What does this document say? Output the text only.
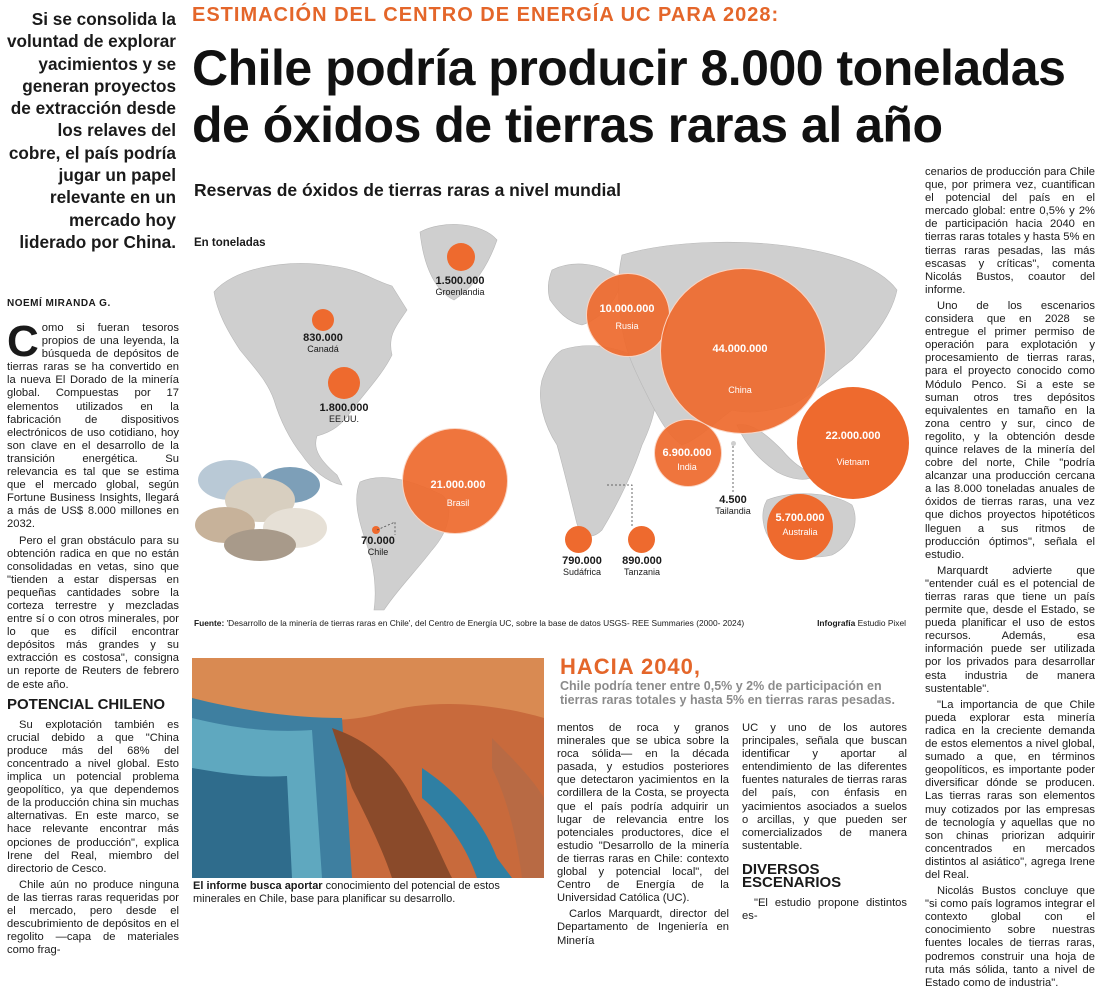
Si se consolida la voluntad de explorar yacimientos y se generan proyectos de extracción desde los relaves del cobre, el país podría jugar un papel relevante en un mercado hoy liderado por China.
ESTIMACIÓN DEL CENTRO DE ENERGÍA UC PARA 2028:
Chile podría producir 8.000 toneladas
de óxidos de tierras raras al año
NOEMÍ MIRANDA G.

Como si fueran tesoros propios de una leyenda, la búsqueda de depósitos de tierras raras se ha convertido en la nueva El Dorado de la minería global. Compuestas por 17 elementos utilizados en la fabricación de dispositivos electrónicos de uso cotidiano, hoy son clave en el desarrollo de la transición energética. Su relevancia es tal que se estima que el mercado global, según Fortune Business Insights, llegará a más de US$ 8.000 millones en 2032.

Pero el gran obstáculo para su obtención radica en que no están consolidadas en vetas, sino que "tienden a estar dispersas en pequeñas cantidades sobre la corteza terrestre y mezcladas entre sí o con otros minerales, por lo que es difícil encontrar depósitos más grandes y su extracción es costosa", consigna un reporte de Reuters de febrero de este año.

POTENCIAL CHILENO

Su explotación también es crucial debido a que "China produce más del 68% del concentrado a nivel global. Esto implica un potencial problema geopolítico, ya que dependemos de la producción china sin muchas alternativas. En este marco, se hace relevante encontrar más opciones de producción", explica Irene del Real, miembro del directorio de Cesco.

Chile aún no produce ninguna de las tierras raras requeridas por el mercado, pero desde el descubrimiento de depósitos en el regolito —capa de materiales como frag-

Reservas de óxidos de tierras raras a nivel mundial
En toneladas
1.500.000
Groenlandia
830.000
Canadá
1.800.000
EE.UU.
10.000.000
Rusia
44.000.000
China
22.000.000
Vietnam
6.900.000
India
4.500
Tailandia
5.700.000
Australia
21.000.000
Brasil
70.000
Chile
790.000
Sudáfrica
890.000
Tanzania
Fuente: 'Desarrollo de la minería de tierras raras en Chile', del Centro de Energía UC, sobre la base de datos USGS- REE Summaries (2000- 2024)	Infografía Estudio Pixel
El informe busca aportar conocimiento del potencial de estos minerales en Chile, base para planificar su desarrollo.
HACIA 2040,
Chile podría tener entre 0,5% y 2% de participación en tierras raras totales y hasta 5% en tierras raras pesadas.

mentos de roca y granos minerales que se ubica sobre la roca sólida— en la década pasada, y estudios posteriores que detectaron yacimientos en la cordillera de la Costa, se proyecta que el país podría adquirir un lugar de relevancia entre los potenciales productores, dice el estudio "Desarrollo de la minería de tierras raras en Chile: contexto global y potencial local", del Centro de Energía de la Universidad Católica (UC).

Carlos Marquardt, director del Departamento de Ingeniería en Minería

UC y uno de los autores principales, señala que buscan identificar y aportar al entendimiento de las diferentes fuentes naturales de tierras raras del país, con énfasis en yacimientos asociados a suelos o arcillas, y que pueden ser comercializados de manera sustentable.

DIVERSOS ESCENARIOS

"El estudio propone distintos es-

cenarios de producción para Chile que, por primera vez, cuantifican el potencial del país en el mercado global: entre 0,5% y 2% de participación hacia 2040 en tierras raras totales y hasta 5% en tierras raras pesadas, las más escasas y críticas", comenta Nicolás Bustos, coautor del informe.

Uno de los escenarios considera que en 2028 se entregue el primer permiso de operación para explotación y procesamiento de tierras raras, para el proyecto conocido como Módulo Penco. Si a este se suman otros tres depósitos equivalentes en tamaño en la zona centro y sur, cinco de regolito, y la obtención desde quince relaves de la minería del cobre del norte, Chile "podría alcanzar una producción cercana a las 8.000 toneladas anuales de óxidos de tierras raras, una vez que dichos proyectos hipotéticos lleguen a sus ritmos de producción óptimos", señala el estudio.

Marquardt advierte que "entender cuál es el potencial de tierras raras que tiene un país permite que, desde el Estado, se pueda planificar el uso de estos recursos. Además, esa información puede ser utilizada por los privados para desarrollar esta industria de manera sustentable".

"La importancia de que Chile pueda explorar esta minería radica en la creciente demanda de estos elementos a nivel global, sumado a que, en términos geopolíticos, es importante poder diversificar dónde se producen. Las tierras raras son elementos muy cotizados por las empresas de tecnología y aquellas que no son chinas priorizan adquirir concentrados en mercados distintos al asiático", agrega Irene del Real.

Nicolás Bustos concluye que "si como país logramos integrar el contexto global con el conocimiento sobre nuestras fuentes locales de tierras raras, podremos construir una hoja de ruta más sólida, tanto a nivel de Estado como de industria".
